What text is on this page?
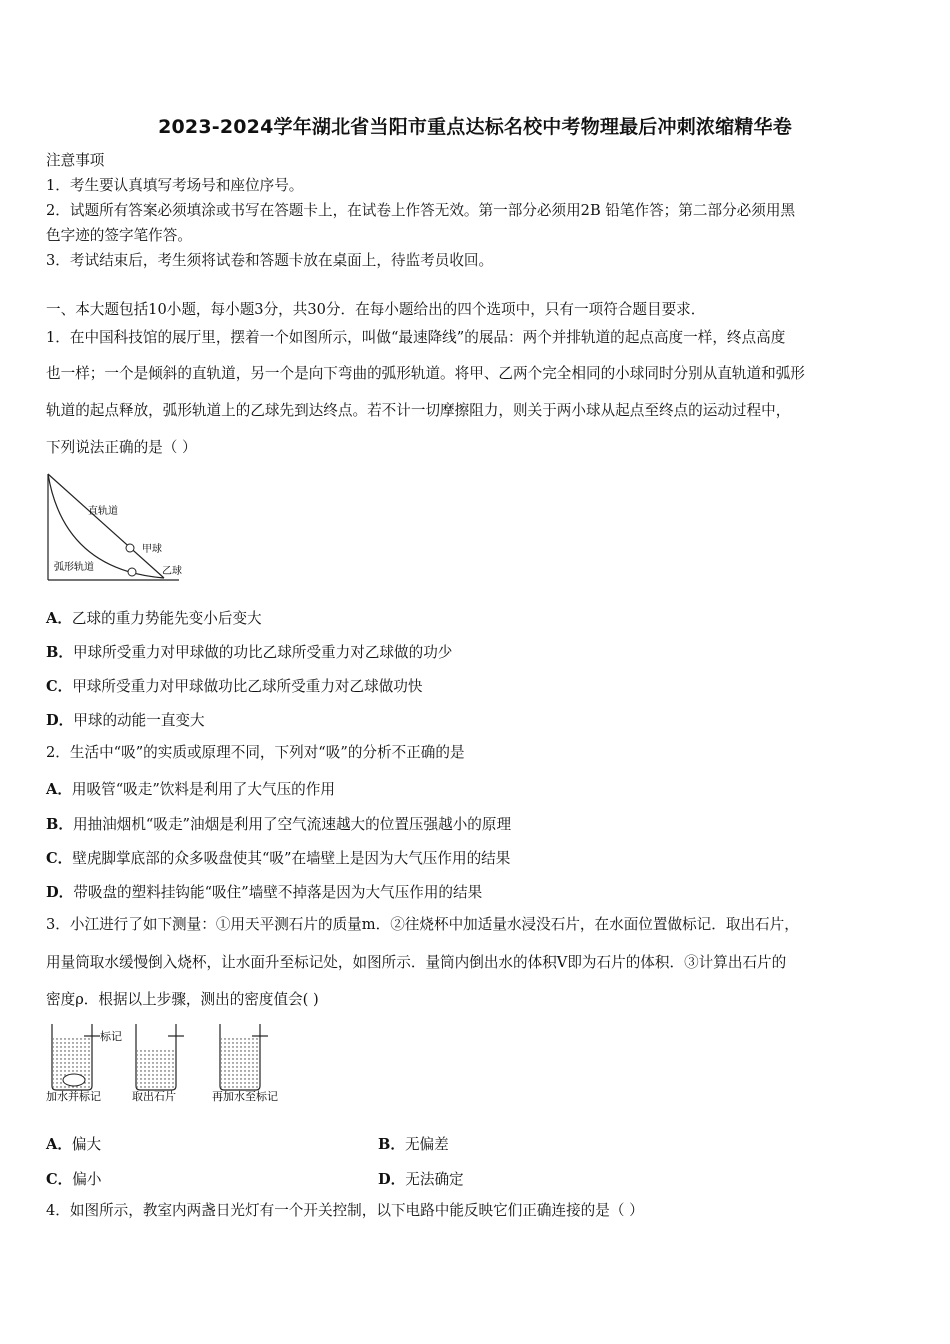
2023-2024学年湖北省当阳市重点达标名校中考物理最后冲刺浓缩精华卷
注意事项
1．考生要认真填写考场号和座位序号。
2．试题所有答案必须填涂或书写在答题卡上，在试卷上作答无效。第一部分必须用2B 铅笔作答；第二部分必须用黑
色字迹的签字笔作答。
3．考试结束后，考生须将试卷和答题卡放在桌面上，待监考员收回。
一、本大题包括10小题，每小题3分，共30分．在每小题给出的四个选项中，只有一项符合题目要求．
1．在中国科技馆的展厅里，摆着一个如图所示，叫做“最速降线”的展品：两个并排轨道的起点高度一样，终点高度
也一样；一个是倾斜的直轨道，另一个是向下弯曲的弧形轨道。将甲、乙两个完全相同的小球同时分别从直轨道和弧形
轨道的起点释放，弧形轨道上的乙球先到达终点。若不计一切摩擦阻力，则关于两小球从起点至终点的运动过程中，
下列说法正确的是（ ）
直轨道
甲球
弧形轨道	乙球
A．乙球的重力势能先变小后变大
B．甲球所受重力对甲球做的功比乙球所受重力对乙球做的功少
C．甲球所受重力对甲球做功比乙球所受重力对乙球做功快
D．甲球的动能一直变大
2．生活中“吸”的实质或原理不同，下列对“吸”的分析不正确的是
A．用吸管“吸走”饮料是利用了大气压的作用
B．用抽油烟机“吸走”油烟是利用了空气流速越大的位置压强越小的原理
C．壁虎脚掌底部的众多吸盘使其“吸”在墙壁上是因为大气压作用的结果
D．带吸盘的塑料挂钩能“吸住”墙壁不掉落是因为大气压作用的结果
3．小江进行了如下测量：①用天平测石片的质量m．②往烧杯中加适量水浸没石片，在水面位置做标记．取出石片，
用量筒取水缓慢倒入烧杯，让水面升至标记处，如图所示．量筒内倒出水的体积V即为石片的体积．③计算出石片的
密度ρ．根据以上步骤，测出的密度值会( )
标记
加水并标记	取出石片	再加水至标记
A．偏大	B．无偏差
C．偏小	D．无法确定
4．如图所示，教室内两盏日光灯有一个开关控制，以下电路中能反映它们正确连接的是（ ）
